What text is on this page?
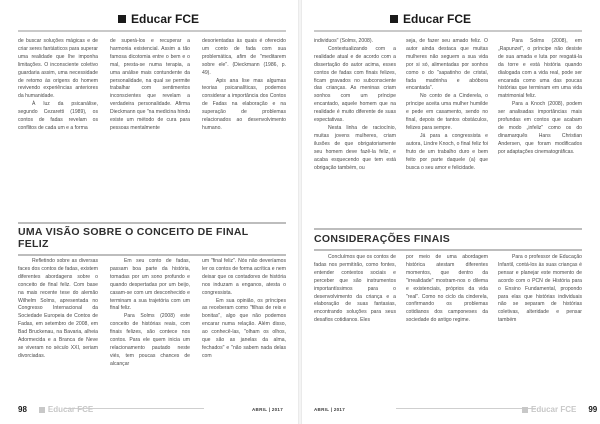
Educar FCE

de buscar soluções mágicas e de criar seres fantásticos para superar uma realidade que lhe imponha limitações. O inconsciente coletivo guardaria assim, uma necessidade de retomo às origens do homem revivendo experiências anteriores da humanidade.

À luz da psicanálise, segundo Cezaretti (1989), os contos de fadas revelam os conflitos de cada um e a forma

de superá-los e recuperar a harmonia existencial. Assim a tão famosa dicotomia entre o bem e o mal, presta-se numa terapia, a uma análise mais contundente da personalidade, na qual se permite trabalhar com sentimentos inconscientes que revelam a verdadeira personalidade. Afirma Dieckmann que "na medicina hindu existe um método de cura para pessoas mentalmente

desorientadas às quais é oferecido um conto de fada com sua problemática, afim de "meditarem sobre ele". (Dieckmann (1986, p. 49).

Apis ana lise mas algumas teorias psicanalíticas, podemos considerar a importância dos Contos de Fadas na elaboração e na superação de problemas relacionados ao desenvolvimento humano.

UMA VISÃO SOBRE O CONCEITO DE FINAL FELIZ

Refletindo sobre as diversas faces dos contos de fadas, existem diferentes abordagens sobre o conceito de final feliz. Com base na mais recente tese do alemão Wilhelm Solms, apresentada no Congresso Internacional da Sociedade Europeia de Contos de Fadas, em setembro de 2008, em Bad Bruckenau, na Bavaria, alheia Adormecida e a Branca de Neve se viveram no século XXI, seriam divorciadas.

Em seu conto de fadas, passam boa parte da história, tomadas por um sono profundo e quando despertadas por um beijo, casam-se com um desconhecido e terminam a sua trajetória com um final feliz.

Para Solms (2008) este conceito de histórias reais, com finais felizes, são contece nos contos. Para ele quem inicia um relacionamento pautado neste viés, tem poucas chances de alcançar

um "final feliz". Nós não deveríamos ler os contos de forma acrítica e nem deixar que os contadores de história nos induzam a enganos, atesta o congressista.

Em sua opinião, os príncipes as receberam como "filhas de reis e bonitas", algo que não podemos encarar numa relação. Além disso, ao conhecê-las, "olham os olhos, que são as janelas da alma, fechados" e "não sabem nada delas com

98	Educar FCE	ABRIL | 2017
Educar FCE

individuos" (Solms, 2008).

Contextualizando com a realidade atual e de acordo com a dissertação do autor acima, esses contos de fadas com finais felizes, ficam gravados no subconsciente das crianças. As meninas criam sonhos com um príncipe encantado, aquele homem que na realidade é muito diferente de suas expectativas.

Nesta linha de raciocínio, muitas jovens mulheres, criam ilusões de que obrigatoriamente seu homem deve fazê-la feliz, e acaba esquecendo que tem está obrigação também, ou

seja, de fazer seu amado feliz. O autor ainda destaca que muitas mulheres não seguem a sua vida por si só, alimentadas por sonhos como o do "sapatinho de cristal, fada madrinha e abóbora encantada".

No conto de a Cinderela, o príncipe aceita uma mulher humilde e pede em casamento, sendo no final, depois de tantos obstáculos, felizes para sempre.

Já para a congressista e autora, Lindre Knoch, o final feliz foi fruto de um trabalho duro e bem feito por parte daquele (a) que busca o seu amor e felicidade.

Para Solms (2008), em „Rapunzel", o príncipe não desiste de sua amada e luta por resgatá-la da torre e está história quando dialogada com a vida real, pode ser encarada como uma das poucas histórias que terminam em uma vida matrimonial feliz.

Para a Knoch (2008), podem ser analisadas importâncias mais profundas em contos que acabam de modo „infeliz" como os do dinamarquês Hans Christian Andersen, que foram modificados por adaptações cinematográficas.

CONSIDERAÇÕES FINAIS

Concluímos que os contos de fadas nos permitirão, como fontes, entender contextos sociais e perceber que são instrumentos importantíssimos para o desenvolvimento da criança e a elaboração de suas fantasias, encontrando soluções para seus desafios cotidianos. Eles

por meio de uma abordagem histórica atestam diferentes momentos, que dentro da "irrealidade" mostram-nos o dilema e existenciais, próprios da vida "real". Como no ciclo da cinderela, confirmando os problemas cotidianos dos camponeses da sociedade do antigo regime.

Para o professor de Educação Infantil, contá-los às suas crianças é pensar e planejar este momento de acordo com o PCN de História para o Ensino Fundamental, propondo para elas que histórias individuais não se separam de histórias coletivas, alteridade e pensar também

ABRIL | 2017	Educar FCE 99
